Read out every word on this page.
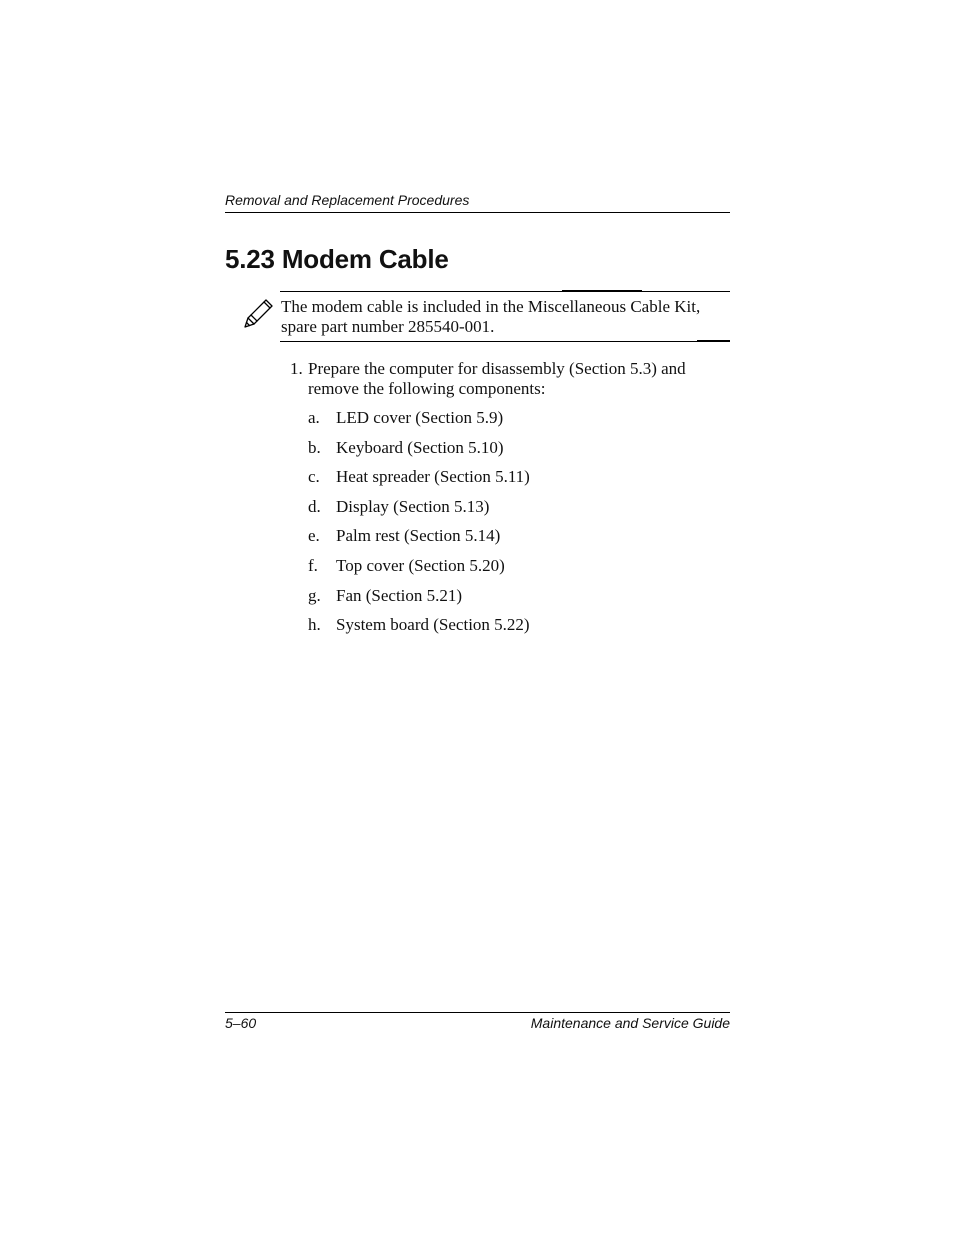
Removal and Replacement Procedures
5.23 Modem Cable
The modem cable is included in the Miscellaneous Cable Kit,
spare part number 285540-001.
1. Prepare the computer for disassembly (Section 5.3) and
remove the following components:
a. LED cover (Section 5.9)
b. Keyboard (Section 5.10)
c. Heat spreader (Section 5.11)
d. Display (Section 5.13)
e. Palm rest (Section 5.14)
f. Top cover (Section 5.20)
g. Fan (Section 5.21)
h. System board (Section 5.22)
5–60	Maintenance and Service Guide
